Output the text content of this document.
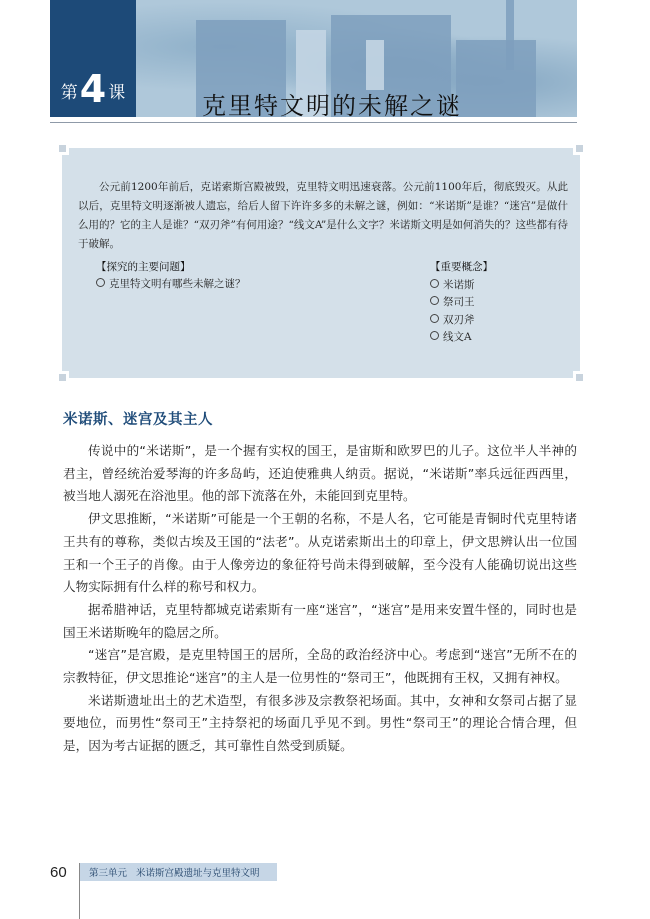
第4 课	克里特文明的未解之谜
公元前1200年前后，克诺索斯宫殿被毁，克里特文明迅速衰落。公元前1100年后，彻底毁灭。从此以后，克里特文明逐渐被人遗忘，给后人留下许许多多的未解之谜，例如：“米诺斯”是谁？“迷宫”是做什么用的？它的主人是谁？“双刃斧”有何用途？“线文A”是什么文字？米诺斯文明是如何消失的？这些都有待于破解。
【探究的主要问题】
克里特文明有哪些未解之谜？
【重要概念】
米诺斯
祭司王
双刃斧
线文A
米诺斯、迷宫及其主人

传说中的“米诺斯”，是一个握有实权的国王，是宙斯和欧罗巴的儿子。这位半人半神的君主，曾经统治爱琴海的许多岛屿，还迫使雅典人纳贡。据说，“米诺斯”率兵远征西西里，被当地人溺死在浴池里。他的部下流落在外，未能回到克里特。

伊文思推断，“米诺斯”可能是一个王朝的名称，不是人名，它可能是青铜时代克里特诸王共有的尊称，类似古埃及王国的“法老”。从克诺索斯出土的印章上，伊文思辨认出一位国王和一个王子的肖像。由于人像旁边的象征符号尚未得到破解，至今没有人能确切说出这些人物实际拥有什么样的称号和权力。

据希腊神话，克里特都城克诺索斯有一座“迷宫”，“迷宫”是用来安置牛怪的，同时也是国王米诺斯晚年的隐居之所。

“迷宫”是宫殿，是克里特国王的居所，全岛的政治经济中心。考虑到“迷宫”无所不在的宗教特征，伊文思推论“迷宫”的主人是一位男性的“祭司王”，他既拥有王权，又拥有神权。

米诺斯遗址出土的艺术造型，有很多涉及宗教祭祀场面。其中，女神和女祭司占据了显要地位，而男性“祭司王”主持祭祀的场面几乎见不到。男性“祭司王”的理论合情合理，但是，因为考古证据的匮乏，其可靠性自然受到质疑。

60 第三单元   米诺斯宫殿遗址与克里特文明
